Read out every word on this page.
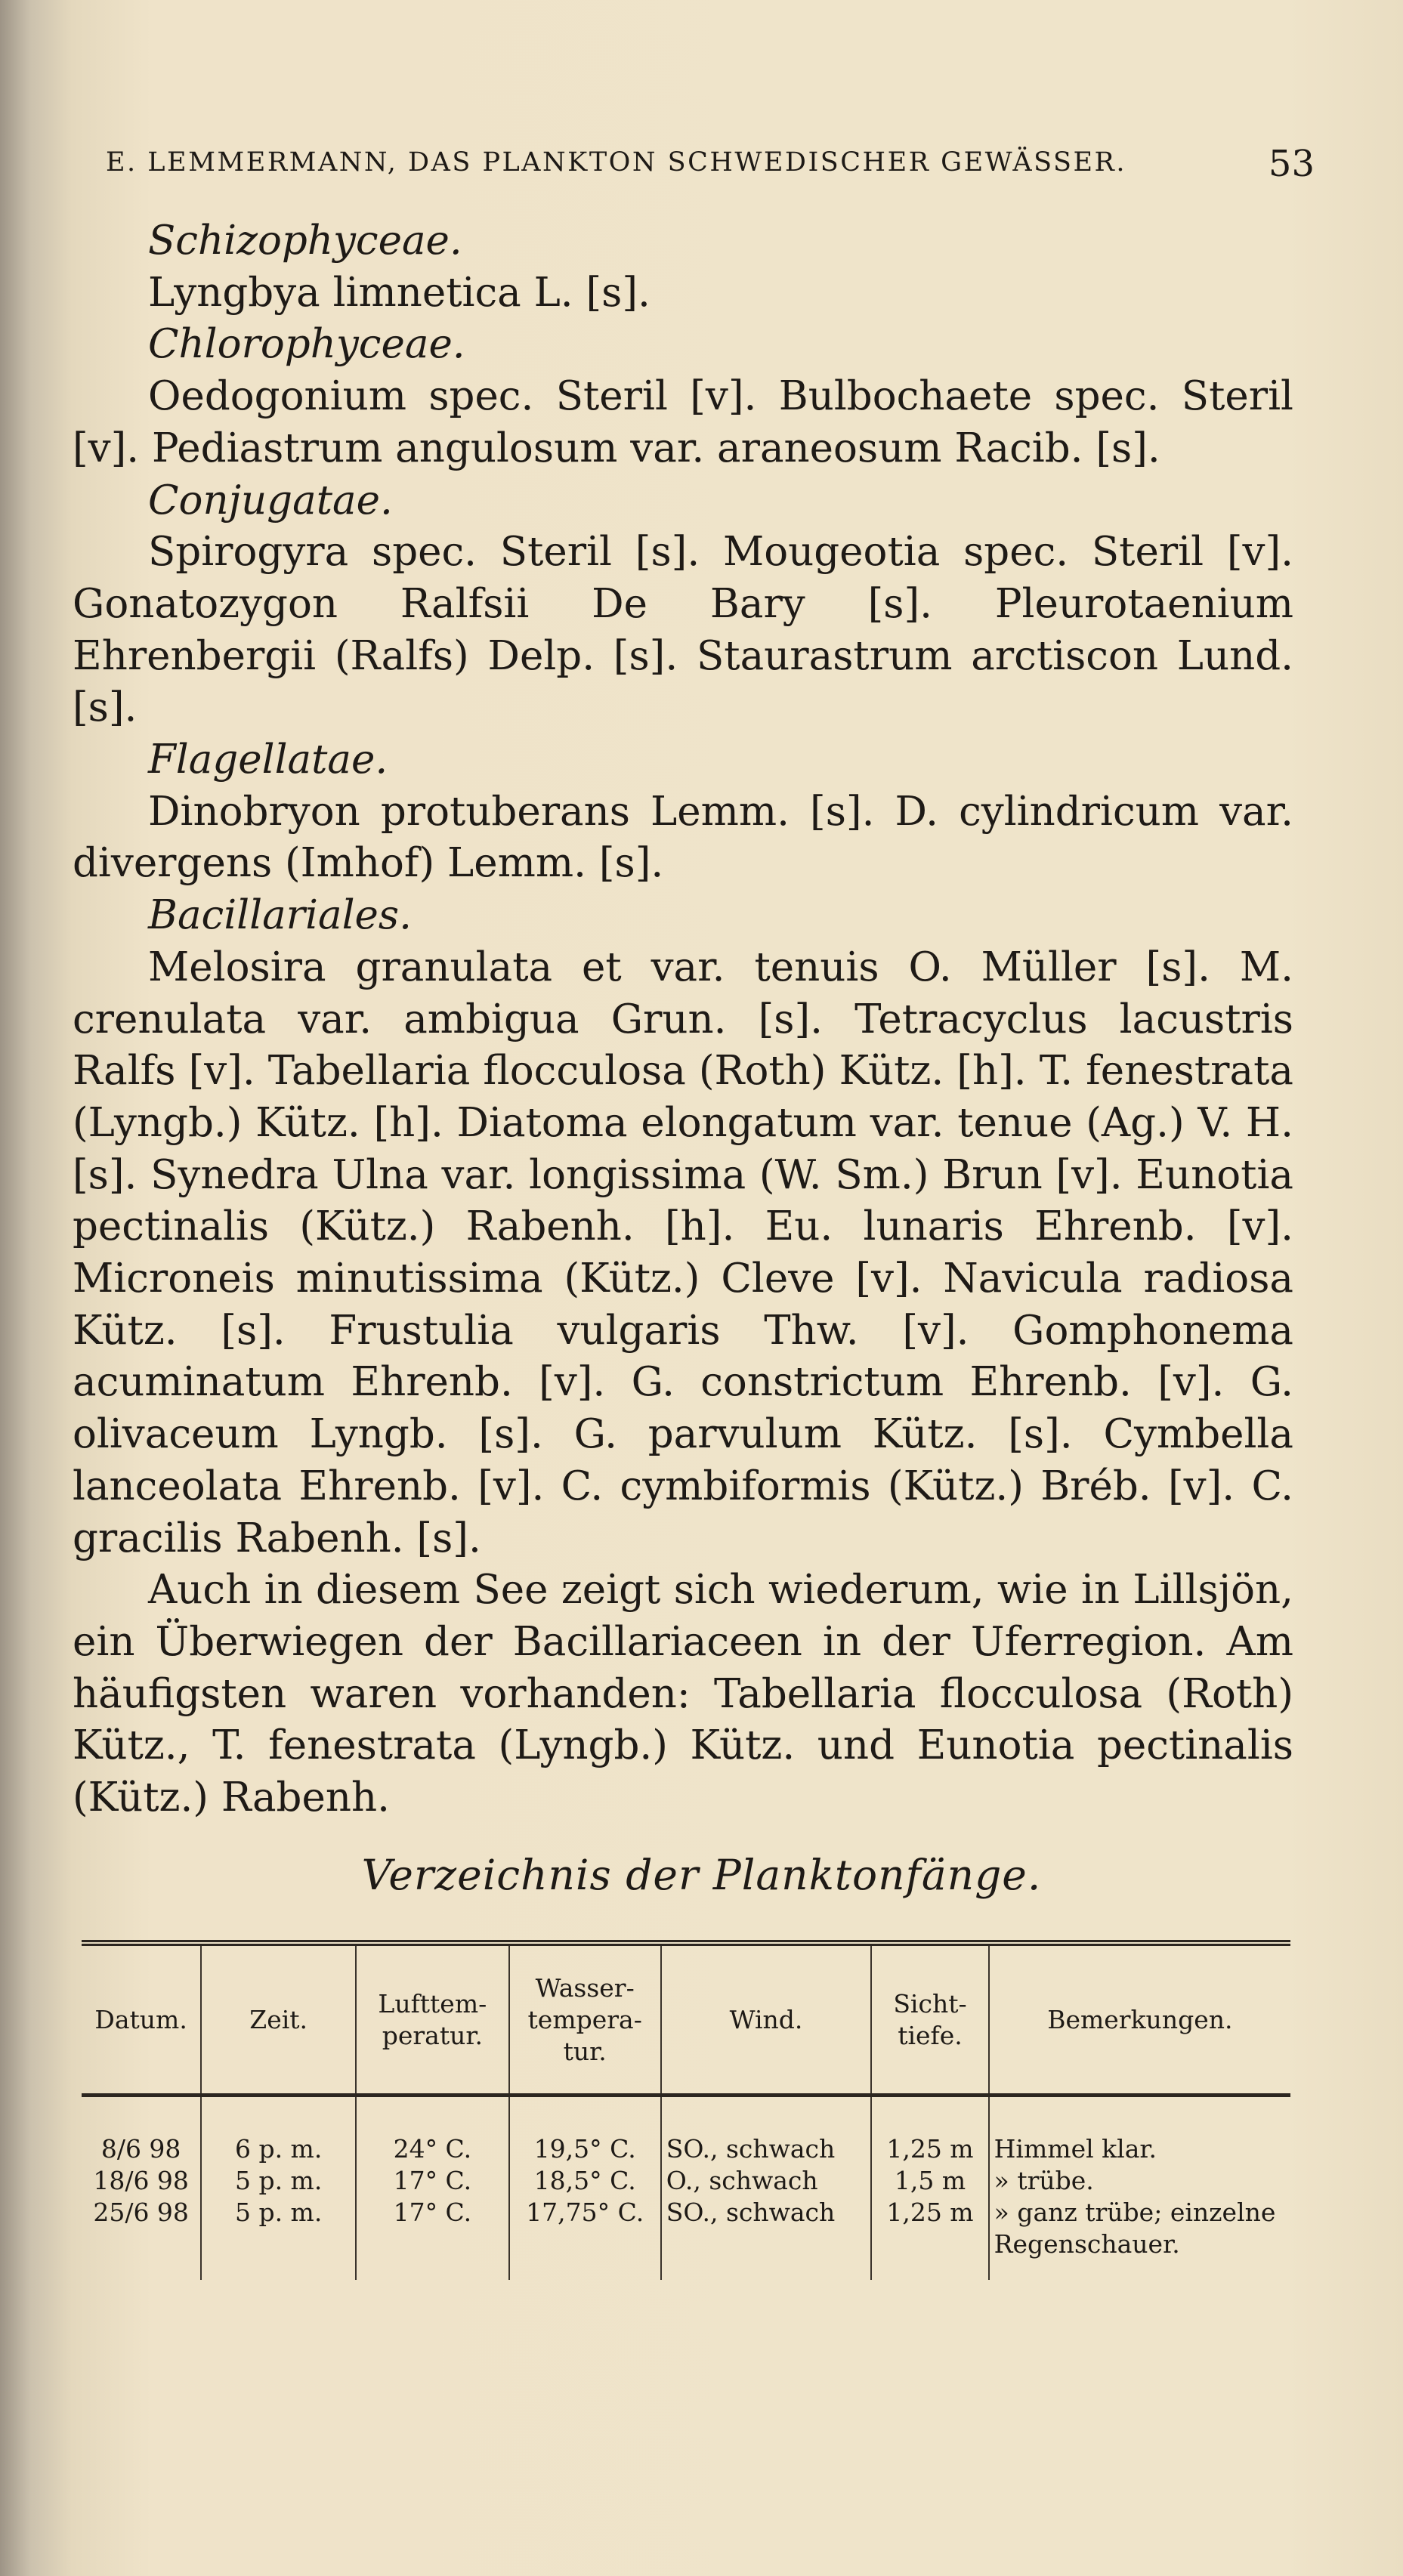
E. LEMMERMANN, DAS PLANKTON SCHWEDISCHER GEWÄSSER.	53

Schizophyceae.

Lyngbya limnetica L. [s].

Chlorophyceae.

Oedogonium spec. Steril [v]. Bulbochaete spec. Steril [v]. Pediastrum angulosum var. araneosum Racib. [s].

Conjugatae.

Spirogyra spec. Steril [s]. Mougeotia spec. Steril [v]. Gonatozygon Ralfsii De Bary [s]. Pleurotaenium Ehrenbergii (Ralfs) Delp. [s]. Staurastrum arctiscon Lund. [s].

Flagellatae.

Dinobryon protuberans Lemm. [s]. D. cylindricum var. divergens (Imhof) Lemm. [s].

Bacillariales.

Melosira granulata et var. tenuis O. Müller [s]. M. crenulata var. ambigua Grun. [s]. Tetracyclus lacustris Ralfs [v]. Tabellaria flocculosa (Roth) Kütz. [h]. T. fenestrata (Lyngb.) Kütz. [h]. Diatoma elongatum var. tenue (Ag.) V. H. [s]. Synedra Ulna var. longissima (W. Sm.) Brun [v]. Eunotia pectinalis (Kütz.) Rabenh. [h]. Eu. lunaris Ehrenb. [v]. Microneis minutissima (Kütz.) Cleve [v]. Navicula radiosa Kütz. [s]. Frustulia vulgaris Thw. [v]. Gomphonema acuminatum Ehrenb. [v]. G. constrictum Ehrenb. [v]. G. olivaceum Lyngb. [s]. G. parvulum Kütz. [s]. Cymbella lanceolata Ehrenb. [v]. C. cymbiformis (Kütz.) Bréb. [v]. C. gracilis Rabenh. [s].

Auch in diesem See zeigt sich wiederum, wie in Lillsjön, ein Überwiegen der Bacillariaceen in der Uferregion. Am häufigsten waren vorhanden: Tabellaria flocculosa (Roth) Kütz., T. fenestrata (Lyngb.) Kütz. und Eunotia pectinalis (Kütz.) Rabenh.

Verzeichnis der Planktonfänge.
Datum.	Zeit.	Lufttem-peratur.	Wasser-tempera-tur.	Wind.	Sicht-tiefe.	Bemerkungen.
8/6 98	6 p. m.	24° C.	19,5° C.	SO., schwach	1,25 m	Himmel klar.
18/6 98	5 p. m.	17° C.	18,5° C.	O., schwach	1,5 m	» trübe.
25/6 98	5 p. m.	17° C.	17,75° C.	SO., schwach	1,25 m	» ganz trübe; einzelne Regenschauer.
